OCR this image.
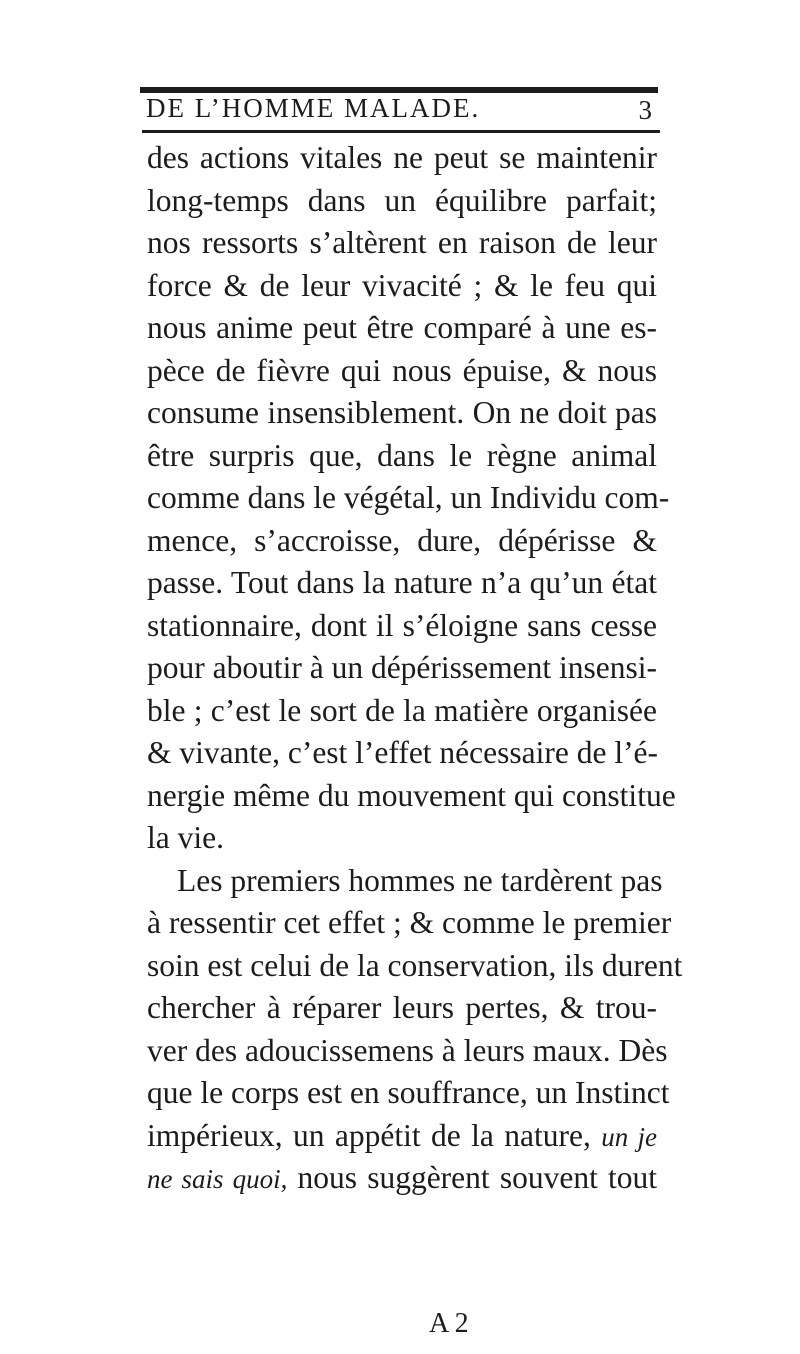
DE L’HOMME MALADE.	3
des actions vitales ne peut se maintenir
long-temps dans un équilibre parfait;
nos ressorts s’altèrent en raison de leur
force & de leur vivacité ; & le feu qui
nous anime peut être comparé à une es-
pèce de fièvre qui nous épuise, & nous
consume insensiblement. On ne doit pas
être surpris que, dans le règne animal
comme dans le végétal, un Individu com-
mence, s’accroisse, dure, dépérisse &
passe. Tout dans la nature n’a qu’un état
stationnaire, dont il s’éloigne sans cesse
pour aboutir à un dépérissement insensi-
ble ; c’est le sort de la matière organisée
& vivante, c’est l’effet nécessaire de l’é-
nergie même du mouvement qui constitue
la vie.
Les premiers hommes ne tardèrent pas
à ressentir cet effet ; & comme le premier
soin est celui de la conservation, ils durent
chercher à réparer leurs pertes, & trou-
ver des adoucissemens à leurs maux. Dès
que le corps est en souffrance, un Instinct
impérieux, un appétit de la nature, un je
ne sais quoi, nous suggèrent souvent tout
A 2
